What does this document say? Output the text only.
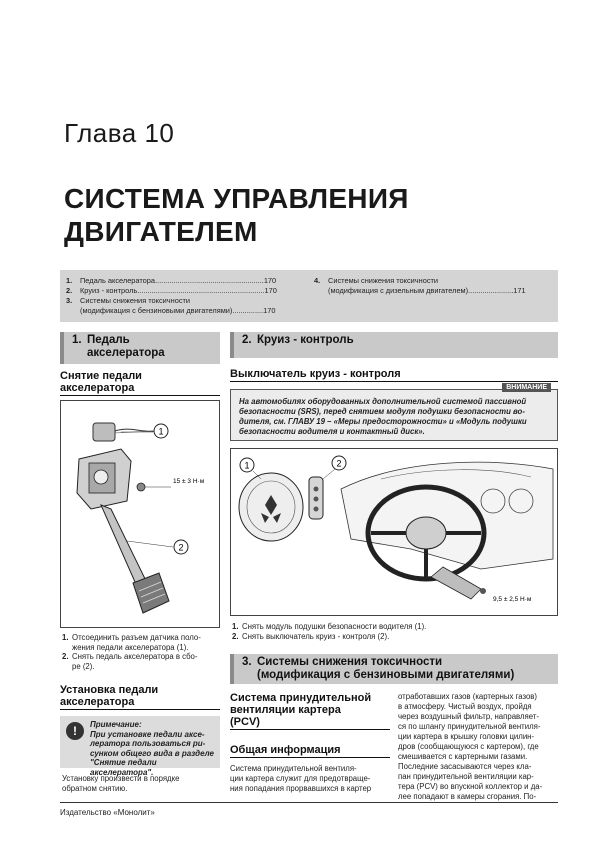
Глава 10
СИСТЕМА УПРАВЛЕНИЯ ДВИГАТЕЛЕМ
1.	Педаль акселератора.....................................................170
2.	Круиз - контроль..............................................................170
3.	Системы снижения токсичности
(модификация с бензиновыми двигателями)...............170
4.	Системы снижения токсичности
(модификация с дизельным двигателем)......................171
1. Педаль
акселератора
Снятие педали
акселератора
1
2
15 ± 3 Н·м
1. Отсоединить разъем датчика поло-
жения педали акселератора (1).
2. Снять педаль акселератора в сбо-
ре (2).
Установка педали
акселератора
!	Примечание:
При установке педали аксе-
лератора пользоваться ри-
сунком общего вида в разделе
"Снятие педали акселератора".
Установку произвести в порядке
обратном снятию.
2. Круиз - контроль
Выключатель круиз - контроля
ВНИМАНИЕ
На автомобилях оборудованных дополнительной системой пассивной
безопасности (SRS), перед снятием модуля подушки безопасности во-
дителя, см. ГЛАВУ 19 – «Меры предосторожности» и «Модуль подушки
безопасности водителя и контактный диск».
1	2
9,5 ± 2,5 Н·м
1. Снять модуль подушки безопасности водителя (1).
2. Снять выключатель круиз - контроля (2).
3. Системы снижения токсичности
(модификация с бензиновыми двигателями)
Система принудительной
вентиляции картера
(PCV)
Общая информация
Система принудительной вентиля-
ции картера служит для предотвраще-
ния попадания прорвавшихся в картер
отработавших газов (картерных газов)
в атмосферу. Чистый воздух, пройдя
через воздушный фильтр, направляет-
ся по шлангу принудительной вентиля-
ции картера в крышку головки цилин-
дров (сообщающуюся с картером), где
смешивается с картерными газами.
Последние засасываются через кла-
пан принудительной вентиляции кар-
тера (PCV) во впускной коллектор и да-
лее попадают в камеры сгорания. По-
Издательство «Монолит»
